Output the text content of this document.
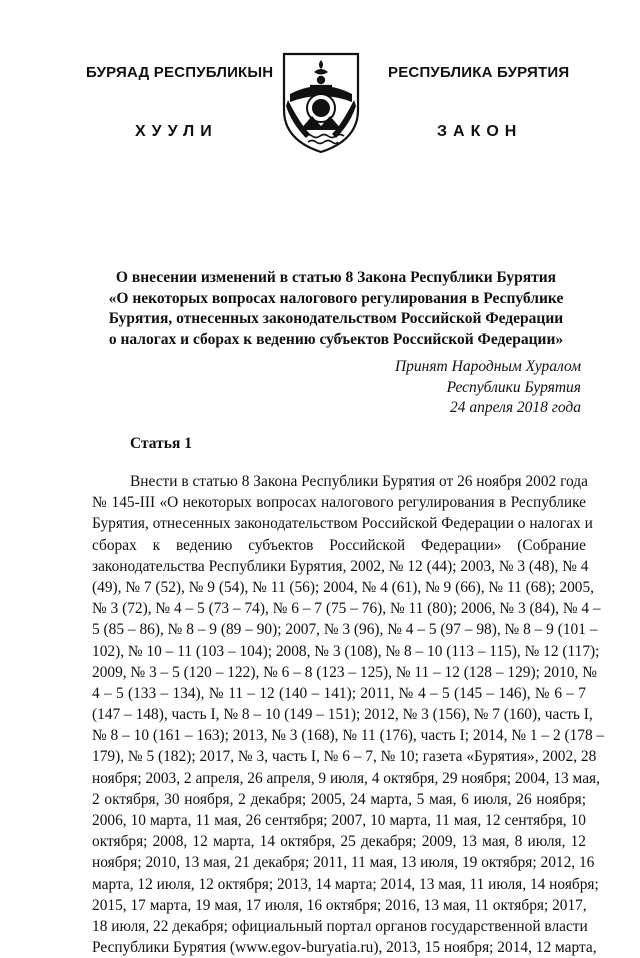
БУРЯАД РЕСПУБЛИКЫН	РЕСПУБЛИКА БУРЯТИЯ
ХУУЛИ	ЗАКОН
О внесении изменений в статью 8 Закона Республики Бурятия
«О некоторых вопросах налогового регулирования в Республике
Бурятия, отнесенных законодательством Российской Федерации
о налогах и сборах к ведению субъектов Российской Федерации»
Принят Народным Хуралом
Республики Бурятия
24 апреля 2018 года
Статья 1
Внести в статью 8 Закона Республики Бурятия от 26 ноября 2002 года
№ 145-III «О некоторых вопросах налогового регулирования в Республике
Бурятия, отнесенных законодательством Российской Федерации о налогах и
сборах к ведению субъектов Российской Федерации» (Собрание
законодательства Республики Бурятия, 2002, № 12 (44); 2003, № 3 (48), № 4
(49), № 7 (52), № 9 (54), № 11 (56); 2004, № 4 (61), № 9 (66), № 11 (68); 2005,
№ 3 (72), № 4 – 5 (73 – 74), № 6 – 7 (75 – 76), № 11 (80); 2006, № 3 (84), № 4 –
5 (85 – 86), № 8 – 9 (89 – 90); 2007, № 3 (96), № 4 – 5 (97 – 98), № 8 – 9 (101 –
102), № 10 – 11 (103 – 104); 2008, № 3 (108), № 8 – 10 (113 – 115), № 12 (117);
2009, № 3 – 5 (120 – 122), № 6 – 8 (123 – 125), № 11 – 12 (128 – 129); 2010, №
4 – 5 (133 – 134), № 11 – 12 (140 – 141); 2011, № 4 – 5 (145 – 146), № 6 – 7
(147 – 148), часть I, № 8 – 10 (149 – 151); 2012, № 3 (156), № 7 (160), часть I,
№ 8 – 10 (161 – 163); 2013, № 3 (168), № 11 (176), часть I; 2014, № 1 – 2 (178 –
179), № 5 (182); 2017, № 3, часть I, № 6 – 7, № 10; газета «Бурятия», 2002, 28
ноября; 2003, 2 апреля, 26 апреля, 9 июля, 4 октября, 29 ноября; 2004, 13 мая,
2 октября, 30 ноября, 2 декабря; 2005, 24 марта, 5 мая, 6 июля, 26 ноября;
2006, 10 марта, 11 мая, 26 сентября; 2007, 10 марта, 11 мая, 12 сентября, 10
октября; 2008, 12 марта, 14 октября, 25 декабря; 2009, 13 мая, 8 июля, 12
ноября; 2010, 13 мая, 21 декабря; 2011, 11 мая, 13 июля, 19 октября; 2012, 16
марта, 12 июля, 12 октября; 2013, 14 марта; 2014, 13 мая, 11 июля, 14 ноября;
2015, 17 марта, 19 мая, 17 июля, 16 октября; 2016, 13 мая, 11 октября; 2017,
18 июля, 22 декабря; официальный портал органов государственной власти
Республики Бурятия (www.egov-buryatia.ru), 2013, 15 ноября; 2014, 12 марта,
